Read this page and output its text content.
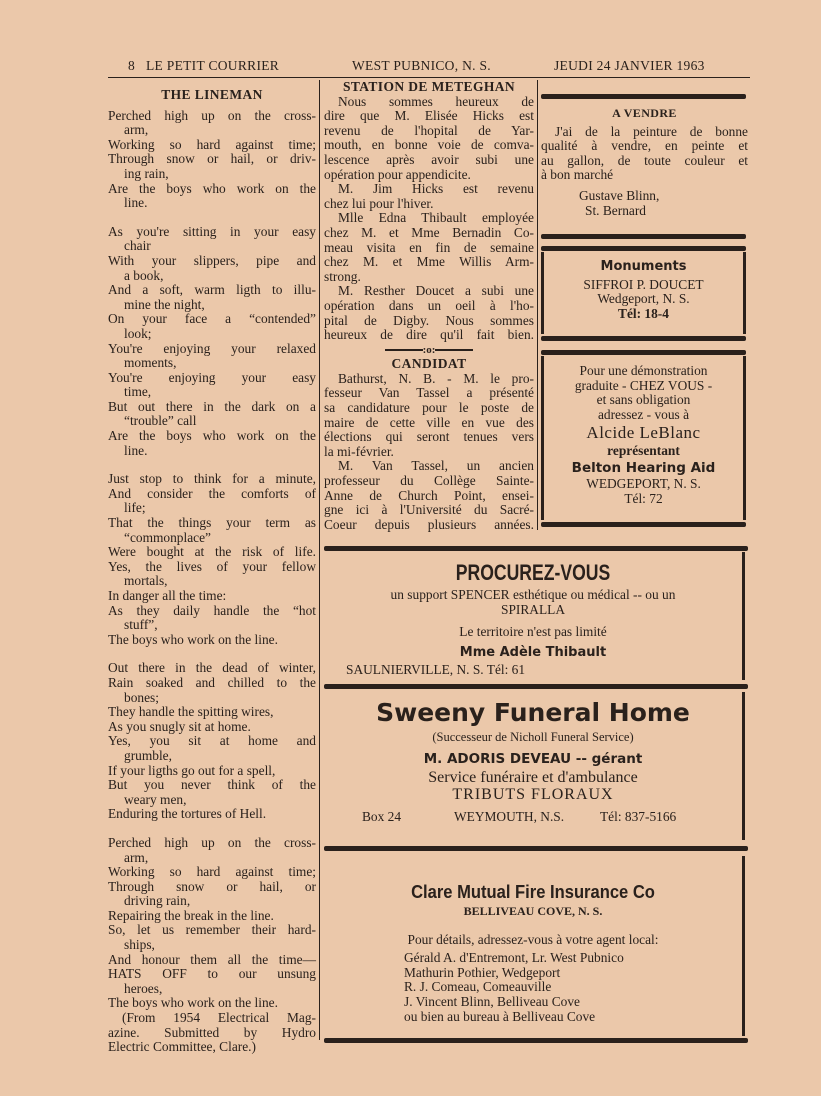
8 LE PETIT COURRIER	WEST PUBNICO, N. S.	JEUDI 24 JANVIER 1963
THE LINEMAN
Perched high up on the cross-
arm,
Working so hard against time;
Through snow or hail, or driv-
ing rain,
Are the boys who work on the
line.
As you're sitting in your easy
chair
With your slippers, pipe and
a book,
And a soft, warm ligth to illu-
mine the night,
On your face a “contended”
look;
You're enjoying your relaxed
moments,
You're enjoying your easy
time,
But out there in the dark on a
“trouble” call
Are the boys who work on the
line.
Just stop to think for a minute,
And consider the comforts of
life;
That the things your term as
“commonplace”
Were bought at the risk of life.
Yes, the lives of your fellow
mortals,
In danger all the time:
As they daily handle the “hot
stuff”,
The boys who work on the line.
Out there in the dead of winter,
Rain soaked and chilled to the
bones;
They handle the spitting wires,
As you snugly sit at home.
Yes, you sit at home and
grumble,
If your ligths go out for a spell,
But you never think of the
weary men,
Enduring the tortures of Hell.
Perched high up on the cross-
arm,
Working so hard against time;
Through snow or hail, or
driving rain,
Repairing the break in the line.
So, let us remember their hard-
ships,
And honour them all the time—
HATS OFF to our unsung
heroes,
The boys who work on the line.
(From 1954 Electrical Mag-
azine. Submitted by Hydro
Electric Committee, Clare.)
STATION DE METEGHAN
Nous sommes heureux de
dire que M. Elisée Hicks est
revenu de l'hopital de Yar-
mouth, en bonne voie de comva-
lescence après avoir subi une
opération pour appendicite.
M. Jim Hicks est revenu
chez lui pour l'hiver.
Mlle Edna Thibault employée
chez M. et Mme Bernadin Co-
meau visita en fin de semaine
chez M. et Mme Willis Arm-
strong.
M. Resther Doucet a subi une
opération dans un oeil à l'ho-
pital de Digby. Nous sommes
heureux de dire qu'il fait bien.
:o:
CANDIDAT
Bathurst, N. B. - M. le pro-
fesseur Van Tassel a présenté
sa candidature pour le poste de
maire de cette ville en vue des
élections qui seront tenues vers
la mi-février.
M. Van Tassel, un ancien
professeur du Collège Sainte-
Anne de Church Point, ensei-
gne ici à l'Université du Sacré-
Coeur depuis plusieurs années.
A VENDRE
J'ai de la peinture de bonne
qualité à vendre, en peinte et
au gallon, de toute couleur et
à bon marché
Gustave Blinn,
St. Bernard
Monuments
SIFFROI P. DOUCET
Wedgeport, N. S.
Tél: 18-4
Pour une démonstration
graduite - CHEZ VOUS -
et sans obligation
adressez - vous à
Alcide LeBlanc
représentant
Belton Hearing Aid
WEDGEPORT, N. S.
Tél: 72
PROCUREZ-VOUS
un support SPENCER esthétique ou médical -- ou un
SPIRALLA
Le territoire n'est pas limité
Mme Adèle Thibault
SAULNIERVILLE, N. S. Tél: 61
Sweeny Funeral Home
(Successeur de Nicholl Funeral Service)
M. ADORIS DEVEAU -- gérant
Service funéraire et d'ambulance
TRIBUTS FLORAUX
Box 24	WEYMOUTH, N.S.	Tél: 837-5166
Clare Mutual Fire Insurance Co
BELLIVEAU COVE, N. S.
Pour détails, adressez-vous à votre agent local:
Gérald A. d'Entremont, Lr. West Pubnico
Mathurin Pothier, Wedgeport
R. J. Comeau, Comeauville
J. Vincent Blinn, Belliveau Cove
ou bien au bureau à Belliveau Cove
